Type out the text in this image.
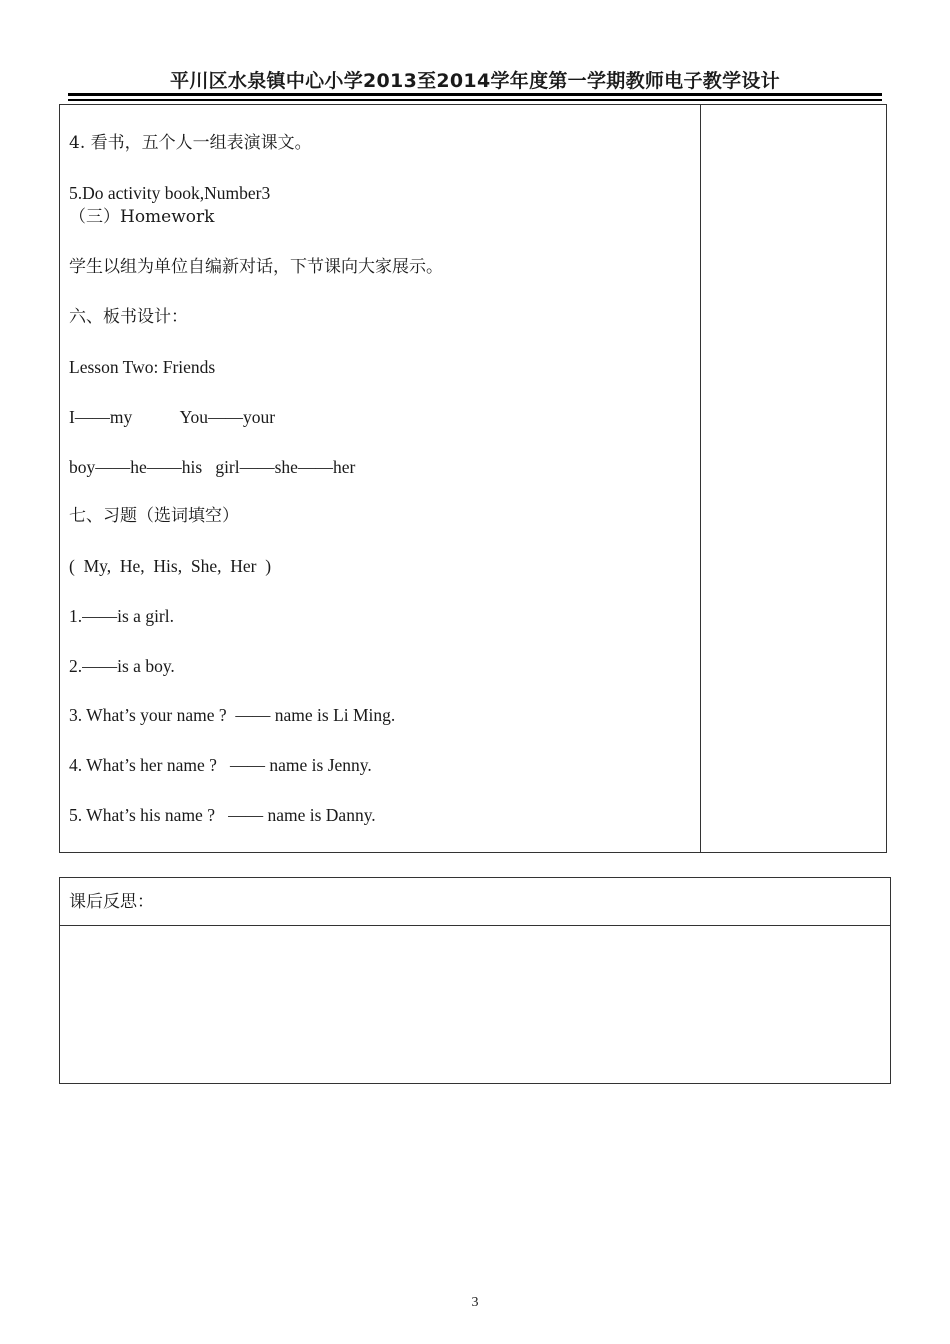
平川区水泉镇中心小学2013至2014学年度第一学期教师电子教学设计
4. 看书，五个人一组表演课文。
5.Do activity book,Number3
（三）Homework
学生以组为单位自编新对话，下节课向大家展示。
六、板书设计：
Lesson Two: Friends
I——my           You——your
boy——he——his   girl——she——her
七、习题（选词填空）
(  My,  He,  His,  She,  Her  )
1.——is a girl.
2.——is a boy.
3. What’s your name ?  —— name is Li Ming.
4. What’s her name ?   —— name is Jenny.
5. What’s his name ?   —— name is Danny.
课后反思：
3
